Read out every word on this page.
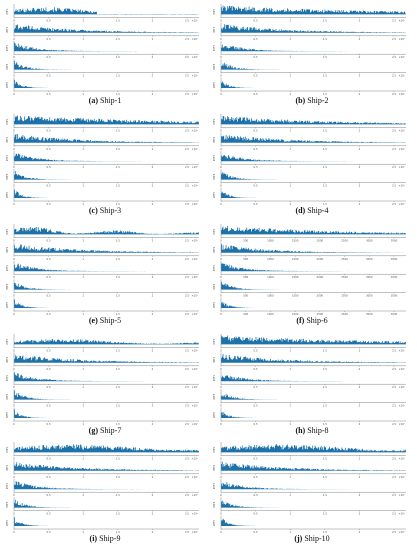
IMF1
0	0.5	1	1.5	2	2.5 ×10⁴
IMF2
0	0.5	1	1.5	2	2.5 ×10⁴
IMF3
0	0.5	1	1.5	2	2.5 ×10⁴
IMF4
0	0.5	1	1.5	2	2.5 ×10⁴
IMF5
0	0.5	1	1.5	2	2.5 ×10⁴
(a) Ship-1
IMF1
0	0.5	1	1.5	2	2.5 ×10⁴
IMF2
0	0.5	1	1.5	2	2.5 ×10⁴
IMF3
0	0.5	1	1.5	2	2.5 ×10⁴
IMF4
0	0.5	1	1.5	2	2.5 ×10⁴
IMF5
0	0.5	1	1.5	2	2.5 ×10⁴
(b) Ship-2
IMF1
0	0.5	1	1.5	2	2.5 ×10⁴
IMF2
0	0.5	1	1.5	2	2.5 ×10⁴
IMF3
0	0.5	1	1.5	2	2.5 ×10⁴
IMF4
0	0.5	1	1.5	2	2.5 ×10⁴
IMF5
0	0.5	1	1.5	2	2.5 ×10⁴
(c) Ship-3
IMF1
0	0.5	1	1.5	2	2.5 ×10⁴
IMF2
0	0.5	1	1.5	2	2.5 ×10⁴
IMF3
0	0.5	1	1.5	2	2.5 ×10⁴
IMF4
0	0.5	1	1.5	2	2.5 ×10⁴
IMF5
0	0.5	1	1.5	2	2.5 ×10⁴
(d) Ship-4
IMF1
0	0.5	1	1.5	2	2.5 ×10⁴
IMF2
0	0.5	1	1.5	2	2.5 ×10⁴
IMF3
0	0.5	1	1.5	2	2.5 ×10⁴
IMF4
0	0.5	1	1.5	2	2.5 ×10⁴
IMF5
0	0.5	1	1.5	2	2.5 ×10⁴
(e) Ship-5
IMF1
0	500	1000	1500	2000	2500	3000	3500
IMF2
0	500	1000	1500	2000	2500	3000	3500
IMF3
0	500	1000	1500	2000	2500	3000	3500
IMF4
0	500	1000	1500	2000	2500	3000	3500
IMF5
0	500	1000	1500	2000	2500	3000	3500
(f) Ship-6
IMF1
0	0.5	1	1.5	2	2.5 ×10⁴
IMF2
0	0.5	1	1.5	2	2.5 ×10⁴
IMF3
0	0.5	1	1.5	2	2.5 ×10⁴
IMF4
0	0.5	1	1.5	2	2.5 ×10⁴
IMF5
0	0.5	1	1.5	2	2.5 ×10⁴
(g) Ship-7
IMF1
0	0.5	1	1.5	2	2.5 ×10⁴
IMF2
0	0.5	1	1.5	2	2.5 ×10⁴
IMF3
0	0.5	1	1.5	2	2.5 ×10⁴
IMF4
0	0.5	1	1.5	2	2.5 ×10⁴
IMF5
0	0.5	1	1.5	2	2.5 ×10⁴
(h) Ship-8
IMF1
0	0.5	1	1.5	2	2.5 ×10⁴
IMF2
0	0.5	1	1.5	2	2.5 ×10⁴
IMF3
0	0.5	1	1.5	2	2.5 ×10⁴
IMF4
0	0.5	1	1.5	2	2.5 ×10⁴
IMF5
0	0.5	1	1.5	2	2.5 ×10⁴
(i) Ship-9
IMF1
0	0.5	1	1.5	2	2.5 ×10⁴
IMF2
0	0.5	1	1.5	2	2.5 ×10⁴
IMF3
0	0.5	1	1.5	2	2.5 ×10⁴
IMF4
0	0.5	1	1.5	2	2.5 ×10⁴
IMF5
0	0.5	1	1.5	2	2.5 ×10⁴
(j) Ship-10
